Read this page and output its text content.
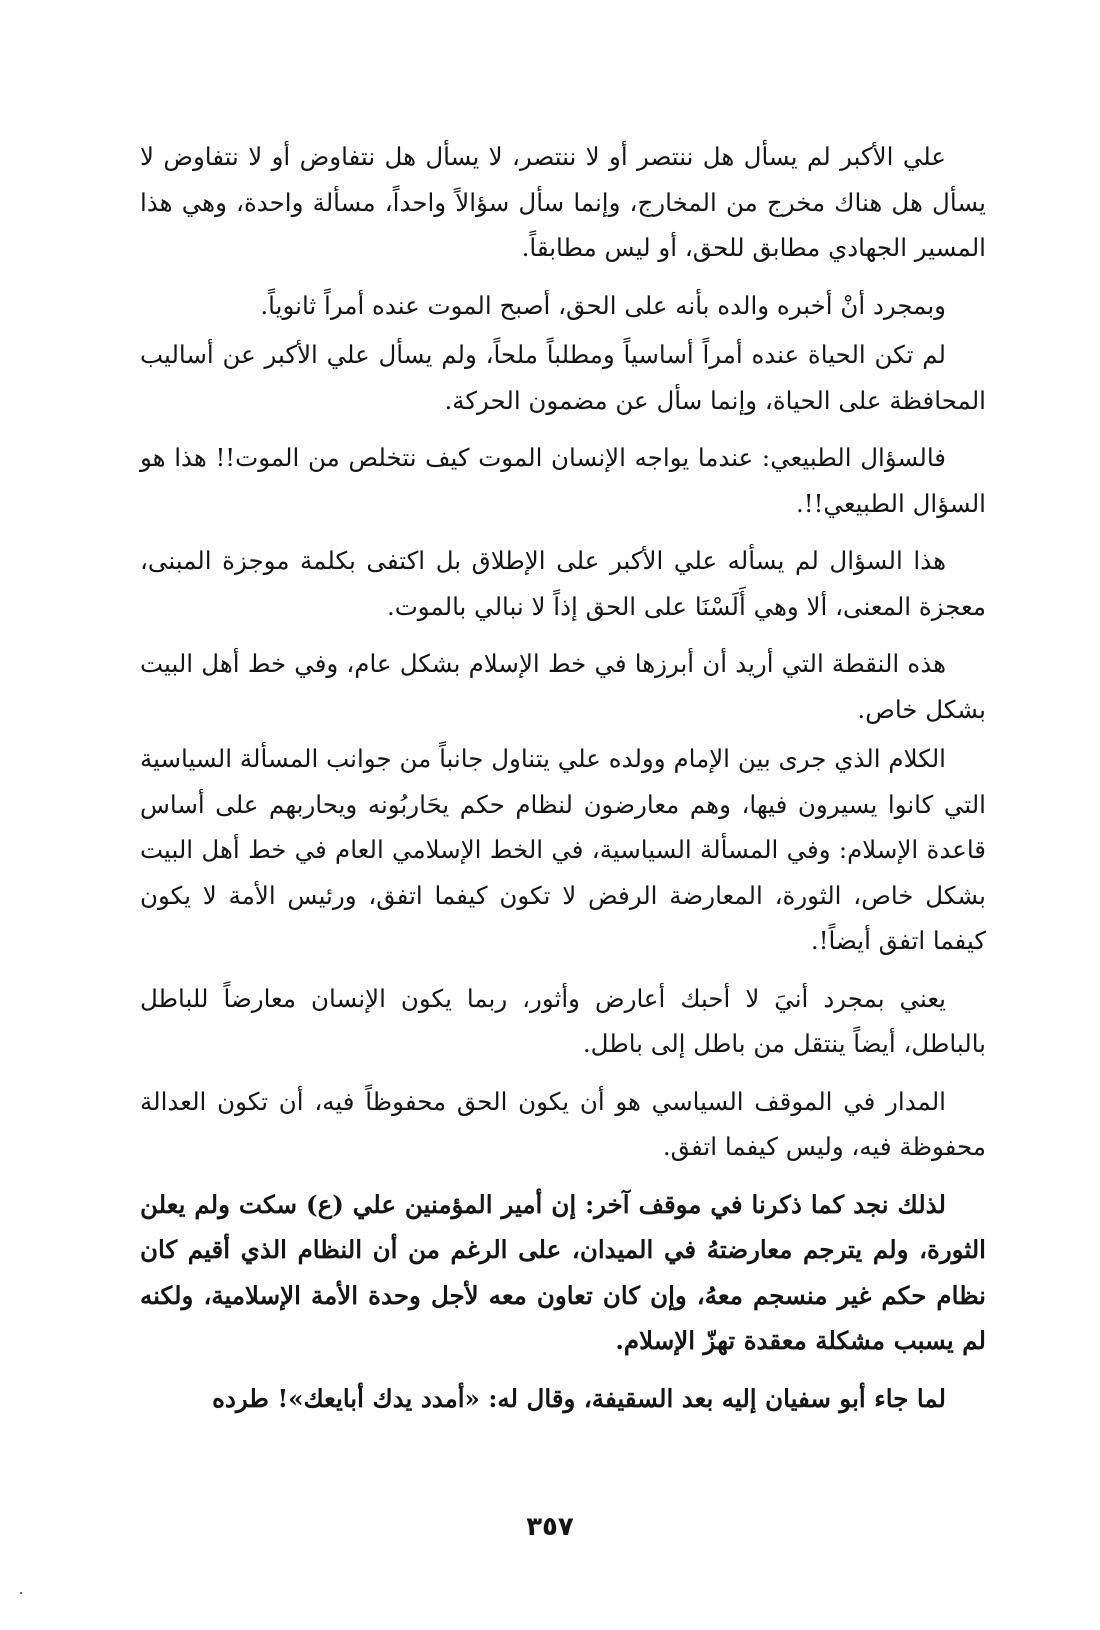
علي الأكبر لم يسأل هل ننتصر أو لا ننتصر، لا يسأل هل نتفاوض أو لا نتفاوض لا يسأل هل هناك مخرج من المخارج، وإنما سأل سؤالاً واحداً، مسألة واحدة، وهي هذا المسير الجهادي مطابق للحق، أو ليس مطابقاً.

وبمجرد أنْ أخبره والده بأنه على الحق، أصبح الموت عنده أمراً ثانوياً.

لم تكن الحياة عنده أمراً أساسياً ومطلباً ملحاً، ولم يسأل علي الأكبر عن أساليب المحافظة على الحياة، وإنما سأل عن مضمون الحركة.

فالسؤال الطبيعي: عندما يواجه الإنسان الموت كيف نتخلص من الموت!! هذا هو السؤال الطبيعي!!.

هذا السؤال لم يسأله علي الأكبر على الإطلاق بل اكتفى بكلمة موجزة المبنى، معجزة المعنى، ألا وهي أَلَسْنَا على الحق إذاً لا نبالي بالموت.

هذه النقطة التي أريد أن أبرزها في خط الإسلام بشكل عام، وفي خط أهل البيت بشكل خاص.

الكلام الذي جرى بين الإمام وولده علي يتناول جانباً من جوانب المسألة السياسية التي كانوا يسيرون فيها، وهم معارضون لنظام حكم يحَاربُونه ويحاربهم على أساس قاعدة الإسلام: وفي المسألة السياسية، في الخط الإسلامي العام في خط أهل البيت بشكل خاص، الثورة، المعارضة الرفض لا تكون كيفما اتفق، ورئيس الأمة لا يكون كيفما اتفق أيضاً!.

يعني بمجرد أنيَ لا أحبك أعارض وأثور، ربما يكون الإنسان معارضاً للباطل بالباطل، أيضاً ينتقل من باطل إلى باطل.

المدار في الموقف السياسي هو أن يكون الحق محفوظاً فيه، أن تكون العدالة محفوظة فيه، وليس كيفما اتفق.

لذلك نجد كما ذكرنا في موقف آخر: إن أمير المؤمنين علي (ع) سكت ولم يعلن الثورة، ولم يترجم معارضتهُ في الميدان، على الرغم من أن النظام الذي أقيم كان نظام حكم غير منسجم معهُ، وإن كان تعاون معه لأجل وحدة الأمة الإسلامية، ولكنه لم يسبب مشكلة معقدة تهزّ الإسلام.

لما جاء أبو سفيان إليه بعد السقيفة، وقال له: «أمدد يدك أبايعك»! طرده

٣٥٧
